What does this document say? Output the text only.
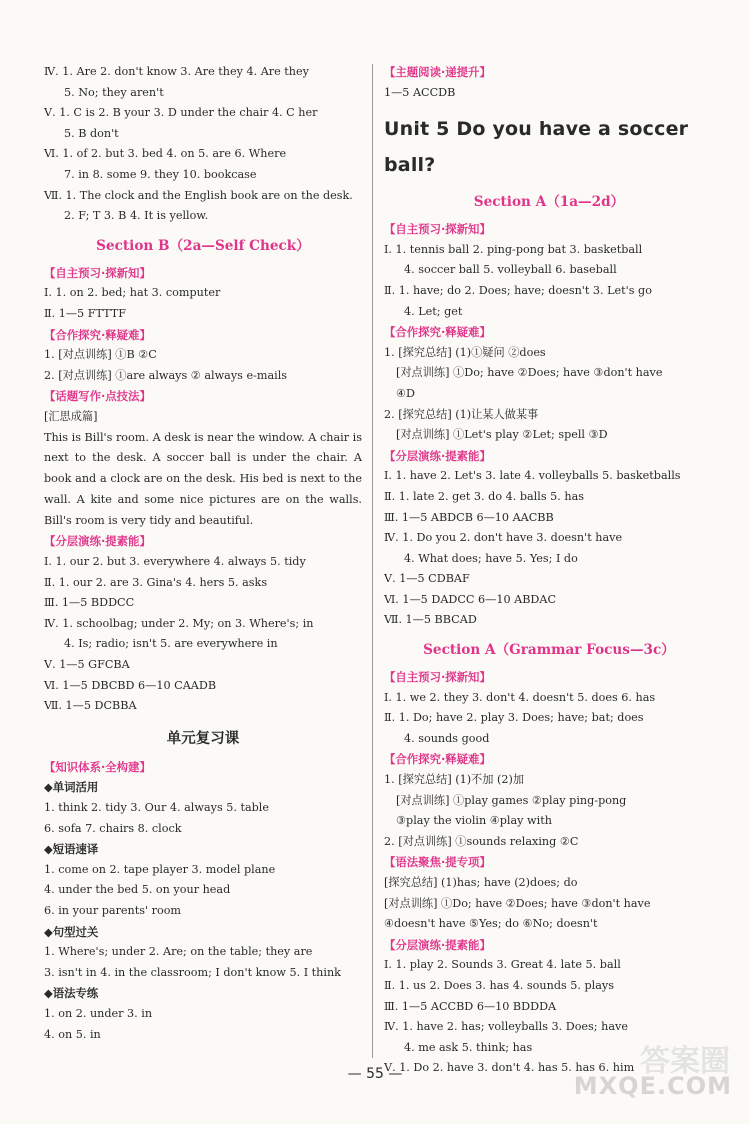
Ⅳ. 1. Are 2. don't know 3. Are they 4. Are they
5. No; they aren't
Ⅴ. 1. C is 2. B your 3. D under the chair 4. C her
5. B don't
Ⅵ. 1. of 2. but 3. bed 4. on 5. are 6. Where
7. in 8. some 9. they 10. bookcase
Ⅶ. 1. The clock and the English book are on the desk.
2. F; T 3. B 4. It is yellow.
Section B（2a—Self Check）
【自主预习·探新知】
Ⅰ. 1. on 2. bed; hat 3. computer
Ⅱ. 1—5 FTTTF
【合作探究·释疑难】
1. [对点训练] ①B ②C
2. [对点训练] ①are always ② always e-mails
【话题写作·点技法】
[汇思成篇]
This is Bill's room. A desk is near the window. A chair is next to the desk. A soccer ball is under the chair. A book and a clock are on the desk. His bed is next to the wall. A kite and some nice pictures are on the walls. Bill's room is very tidy and beautiful.
【分层演练·提素能】
Ⅰ. 1. our 2. but 3. everywhere 4. always 5. tidy
Ⅱ. 1. our 2. are 3. Gina's 4. hers 5. asks
Ⅲ. 1—5 BDDCC
Ⅳ. 1. schoolbag; under 2. My; on 3. Where's; in
4. Is; radio; isn't 5. are everywhere in
Ⅴ. 1—5 GFCBA
Ⅵ. 1—5 DBCBD 6—10 CAADB
Ⅶ. 1—5 DCBBA
单元复习课
【知识体系·全构建】
◆单词活用
1. think 2. tidy 3. Our 4. always 5. table
6. sofa 7. chairs 8. clock
◆短语速译
1. come on 2. tape player 3. model plane
4. under the bed 5. on your head
6. in your parents' room
◆句型过关
1. Where's; under 2. Are; on the table; they are
3. isn't in 4. in the classroom; I don't know 5. I think
◆语法专练
1. on 2. under 3. in
4. on 5. in
【主题阅读·递提升】
1—5 ACCDB
Unit 5 Do you have a soccer ball?
Section A（1a—2d）
【自主预习·探新知】
Ⅰ. 1. tennis ball 2. ping-pong bat 3. basketball
4. soccer ball 5. volleyball 6. baseball
Ⅱ. 1. have; do 2. Does; have; doesn't 3. Let's go
4. Let; get
【合作探究·释疑难】
1. [探究总结] (1)①疑问 ②does
[对点训练] ①Do; have ②Does; have ③don't have
④D
2. [探究总结] (1)让某人做某事
[对点训练] ①Let's play ②Let; spell ③D
【分层演练·提素能】
Ⅰ. 1. have 2. Let's 3. late 4. volleyballs 5. basketballs
Ⅱ. 1. late 2. get 3. do 4. balls 5. has
Ⅲ. 1—5 ABDCB 6—10 AACBB
Ⅳ. 1. Do you 2. don't have 3. doesn't have
4. What does; have 5. Yes; I do
Ⅴ. 1—5 CDBAF
Ⅵ. 1—5 DADCC 6—10 ABDAC
Ⅶ. 1—5 BBCAD
Section A（Grammar Focus—3c）
【自主预习·探新知】
Ⅰ. 1. we 2. they 3. don't 4. doesn't 5. does 6. has
Ⅱ. 1. Do; have 2. play 3. Does; have; bat; does
4. sounds good
【合作探究·释疑难】
1. [探究总结] (1)不加 (2)加
[对点训练] ①play games ②play ping-pong
③play the violin ④play with
2. [对点训练] ①sounds relaxing ②C
【语法聚焦·提专项】
[探究总结] (1)has; have (2)does; do
[对点训练] ①Do; have ②Does; have ③don't have
④doesn't have ⑤Yes; do ⑥No; doesn't
【分层演练·提素能】
Ⅰ. 1. play 2. Sounds 3. Great 4. late 5. ball
Ⅱ. 1. us 2. Does 3. has 4. sounds 5. plays
Ⅲ. 1—5 ACCBD 6—10 BDDDA
Ⅳ. 1. have 2. has; volleyballs 3. Does; have
4. me ask 5. think; has
Ⅴ. 1. Do 2. have 3. don't 4. has 5. has 6. him
— 55 —	答案圈
MXQE.COM
